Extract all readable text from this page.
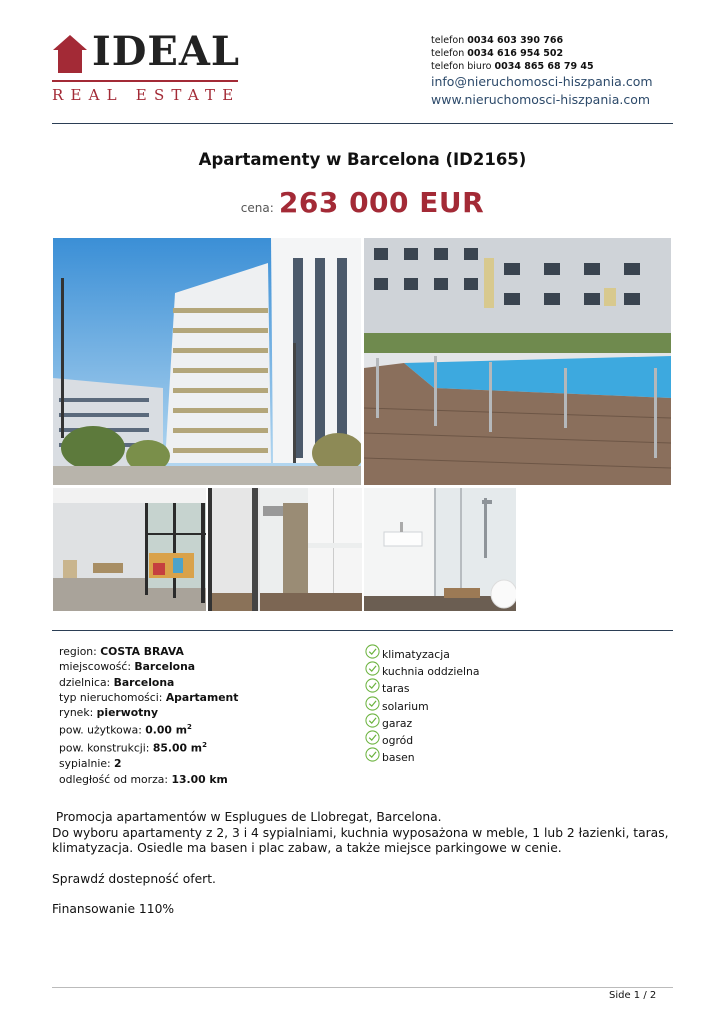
IDEAL
REAL ESTATE
telefon 0034 603 390 766
telefon 0034 616 954 502
telefon biuro 0034 865 68 79 45
info@nieruchomosci-hiszpania.com
www.nieruchomosci-hiszpania.com
Apartamenty w Barcelona (ID2165)
cena: 263 000 EUR
region: COSTA BRAVA
miejscowość: Barcelona
dzielnica: Barcelona
typ nieruchomości: Apartament
rynek: pierwotny
pow. użytkowa: 0.00 $m^2$
pow. konstrukcji: 85.00 $m^2$
sypialnie: 2
odległość od morza: 13.00 km
klimatyzacja
kuchnia oddzielna
taras
solarium
garaz
ogród
basen

Promocja apartamentów w Esplugues de Llobregat, Barcelona.

Do wyboru apartamenty z 2, 3 i 4 sypialniami, kuchnia wyposażona w meble, 1 lub 2 łazienki, taras,

klimatyzacja. Osiedle ma basen i plac zabaw, a także miejsce parkingowe w cenie.

Sprawdź dostepność ofert.

Finansowanie 110%

Side 1 / 2
